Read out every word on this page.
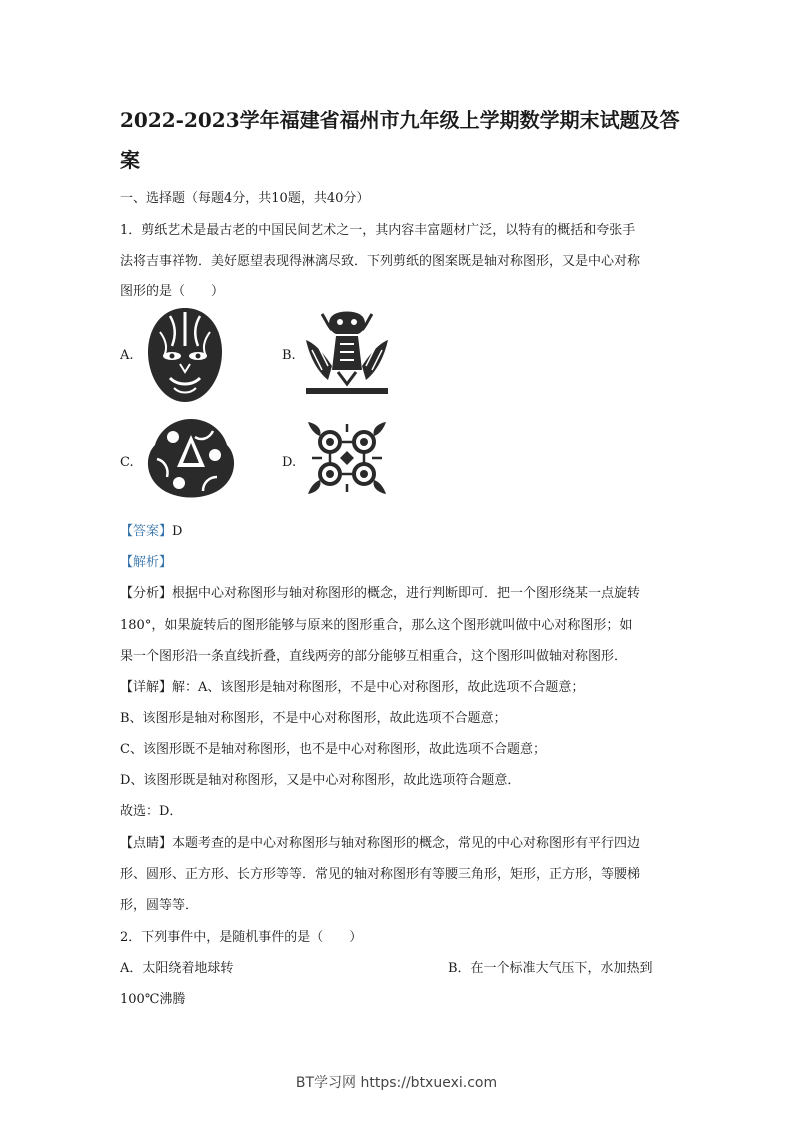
2022-2023学年福建省福州市九年级上学期数学期末试题及答案
一、选择题（每题4分，共10题，共40分）
1．剪纸艺术是最古老的中国民间艺术之一，其内容丰富题材广泛，以特有的概括和夸张手
法将吉事祥物．美好愿望表现得淋漓尽致．下列剪纸的图案既是轴对称图形，又是中心对称
图形的是（　　）
A.	B.
C.	D.
【答案】D
【解析】
【分析】根据中心对称图形与轴对称图形的概念，进行判断即可．把一个图形绕某一点旋转
180°，如果旋转后的图形能够与原来的图形重合，那么这个图形就叫做中心对称图形；如
果一个图形沿一条直线折叠，直线两旁的部分能够互相重合，这个图形叫做轴对称图形．
【详解】解：A、该图形是轴对称图形，不是中心对称图形，故此选项不合题意；
B、该图形是轴对称图形，不是中心对称图形，故此选项不合题意；
C、该图形既不是轴对称图形，也不是中心对称图形，故此选项不合题意；
D、该图形既是轴对称图形，又是中心对称图形，故此选项符合题意．
故选：D．
【点睛】本题考查的是中心对称图形与轴对称图形的概念，常见的中心对称图形有平行四边
形、圆形、正方形、长方形等等．常见的轴对称图形有等腰三角形，矩形，正方形，等腰梯
形，圆等等．
2．下列事件中，是随机事件的是（　　）
A．太阳绕着地球转	B．在一个标准大气压下，水加热到
100℃沸腾
BT学习网 https://btxuexi.com
